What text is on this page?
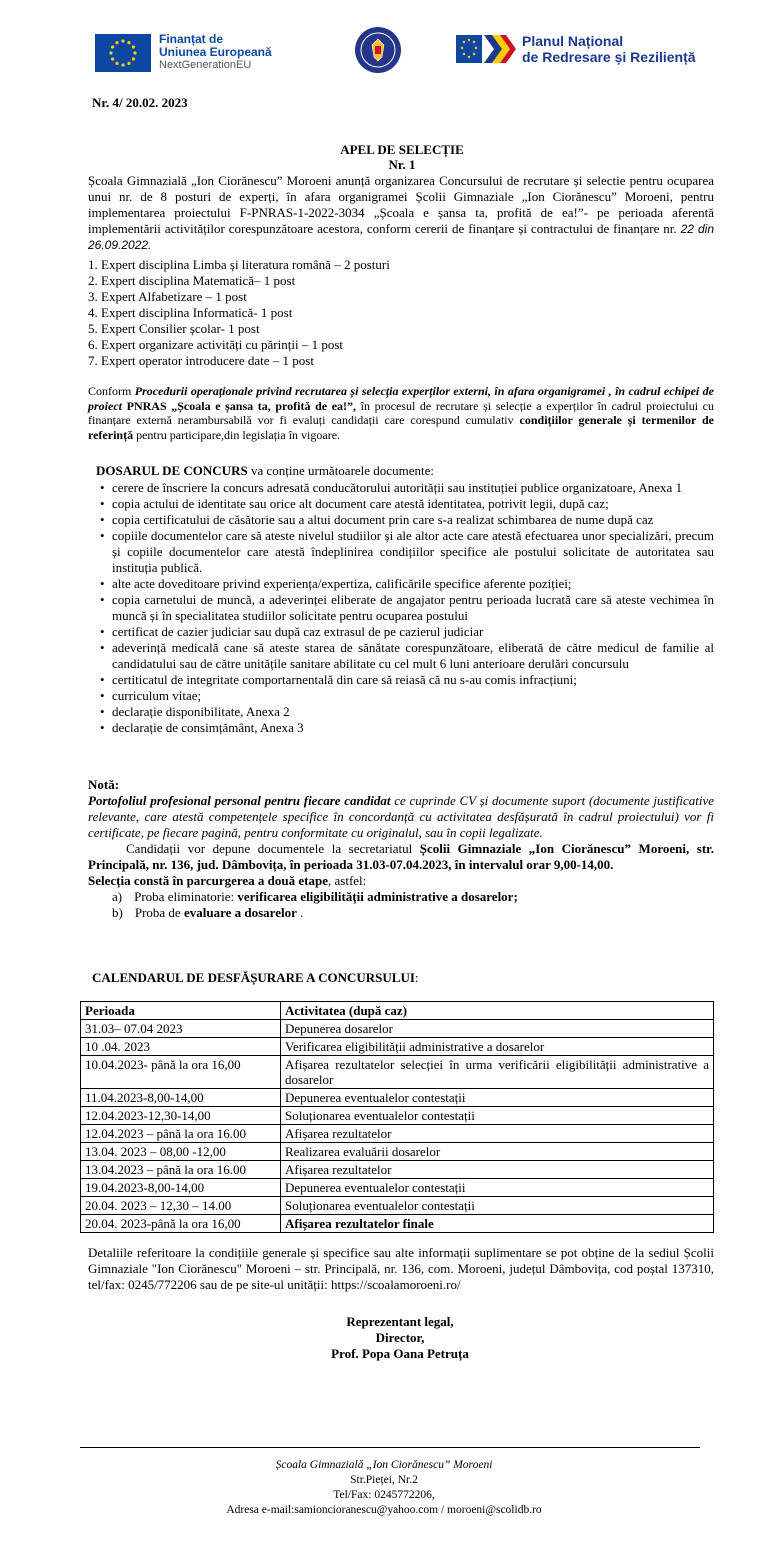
Finanțat de
Uniunea Europeană
NextGenerationEU
Planul Național
de Redresare și Reziliență
Nr. 4/ 20.02. 2023
APEL DE SELECȚIE
Nr. 1
Școala Gimnazială „Ion Ciorănescu” Moroeni anunță organizarea Concursului de recrutare și selectie pentru ocuparea unui nr. de 8 posturi de experți, în afara organigramei Școlii Gimnaziale „Ion Ciorănescu” Moroeni, pentru implementarea proiectului F-PNRAS-1-2022-3034 „Școala e șansa ta, profită de ea!”- pe perioada aferentă implementării activităților corespunzătoare acestora, conform cererii de finanțare și contractului de finanțare nr. 22 din 26.09.2022.
1. Expert disciplina Limba și literatura română – 2 posturi
2. Expert disciplina Matematică– 1 post
3. Expert Alfabetizare – 1 post
4. Expert disciplina Informatică- 1 post
5. Expert Consilier școlar- 1 post
6. Expert organizare activități cu părinții – 1 post
7. Expert operator introducere date – 1 post
Conform Procedurii operaționale privind recrutarea și selecția experților externi, în afara organigramei , în cadrul echipei de proiect PNRAS „Școala e șansa ta, profită de ea!”, în procesul de recrutare și selecție a experților în cadrul proiectului cu finanțare externă nerambursabilă vor fi evaluți candidații care corespund cumulativ condițiilor generale și termenilor de referință pentru participare,din legislația în vigoare.
DOSARUL DE CONCURS va conține următoarele documente:
• cerere de înscriere la concurs adresată conducătorului autorității sau instituției publice organizatoare, Anexa 1
• copia actului de identitate sau orice alt document care atestă identitatea, potrivit legii, după caz;
• copia certificatului de căsătorie sau a altui document prin care s-a realizat schimbarea de nume după caz
• copiile documentelor care să ateste nivelul studiilor și ale altor acte care atestă efectuarea unor specializări, precum și copiile documentelor care atestă îndeplinirea condițiilor specifice ale postului solicitate de autoritatea sau instituția publică.
• alte acte doveditoare privind experiența/expertiza, calificările specifice aferente poziției;
• copia carnetului de muncă, a adeverinței eliberate de angajator pentru perioada lucrată care să ateste vechimea în muncă și în specialitatea studiilor solicitate pentru ocuparea postului
• certificat de cazier judiciar sau după caz extrasul de pe cazierul judiciar
• adeverință medicală cane să ateste starea de sănătate corespunzătoare, eliberată de către medicul de familie al candidatului sau de către unitățile sanitare abilitate cu cel mult 6 luni anterioare derulări concursulu
• certiticatul de integritate comportarnentală din care să reiasă că nu s-au comis infracțiuni;
• curriculum vitae;
• declarație disponibilitate, Anexa 2
• declarație de consimțământ, Anexa 3
Notă:
Portofoliul profesional personal pentru fiecare candidat ce cuprinde CV și documente suport (documente justificative relevante, care atestă competențele specifice în concordanță cu activitatea desfășurată în cadrul proiectului) vor fi certificate, pe fiecare pagină, pentru conformitate cu originalul, sau în copii legalizate.
Candidații vor depune documentele la secretariatul Școlii Gimnaziale „Ion Ciorănescu” Moroeni, str. Principală, nr. 136, jud. Dâmbovița, în perioada 31.03-07.04.2023, în intervalul orar 9,00-14,00.
Selecția constă în parcurgerea a două etape, astfel:
a) Proba eliminatorie: verificarea eligibilității administrative a dosarelor;
b) Proba de evaluare a dosarelor .
CALENDARUL DE DESFĂȘURARE A CONCURSULUI:
Perioada	Activitatea (după caz)
31.03– 07.04 2023	Depunerea dosarelor
10 .04. 2023	Verificarea eligibilității administrative a dosarelor
10.04.2023- până la ora 16,00	Afișarea rezultatelor selecției în urma verificării eligibilității administrative a dosarelor
11.04.2023-8,00-14,00	Depunerea eventualelor contestații
12.04.2023-12,30-14,00	Soluționarea eventualelor contestații
12.04.2023 – până la ora 16.00	Afișarea rezultatelor
13.04. 2023 – 08,00 -12,00	Realizarea evaluării dosarelor
13.04.2023 – până la ora 16.00	Afișarea rezultatelor
19.04.2023-8,00-14,00	Depunerea eventualelor contestații
20.04. 2023 – 12,30 – 14.00	Soluționarea eventualelor contestații
20.04. 2023-până la ora 16,00	Afișarea rezultatelor finale
Detaliile referitoare la condițiile generale și specifice sau alte informații suplimentare se pot obține de la sediul Școlii Gimnaziale "Ion Ciorănescu" Moroeni – str. Principală, nr. 136, com. Moroeni, județul Dâmbovița, cod poștal 137310, tel/fax: 0245/772206 sau de pe site-ul unității: https://scoalamoroeni.ro/
Reprezentant legal,
Director,
Prof. Popa Oana Petruța
Școala Gimnazială „Ion Ciorănescu” Moroeni
Str.Pieței, Nr.2
Tel/Fax: 0245772206,
Adresa e-mail:samioncioranescu@yahoo.com / moroeni@scolidb.ro
